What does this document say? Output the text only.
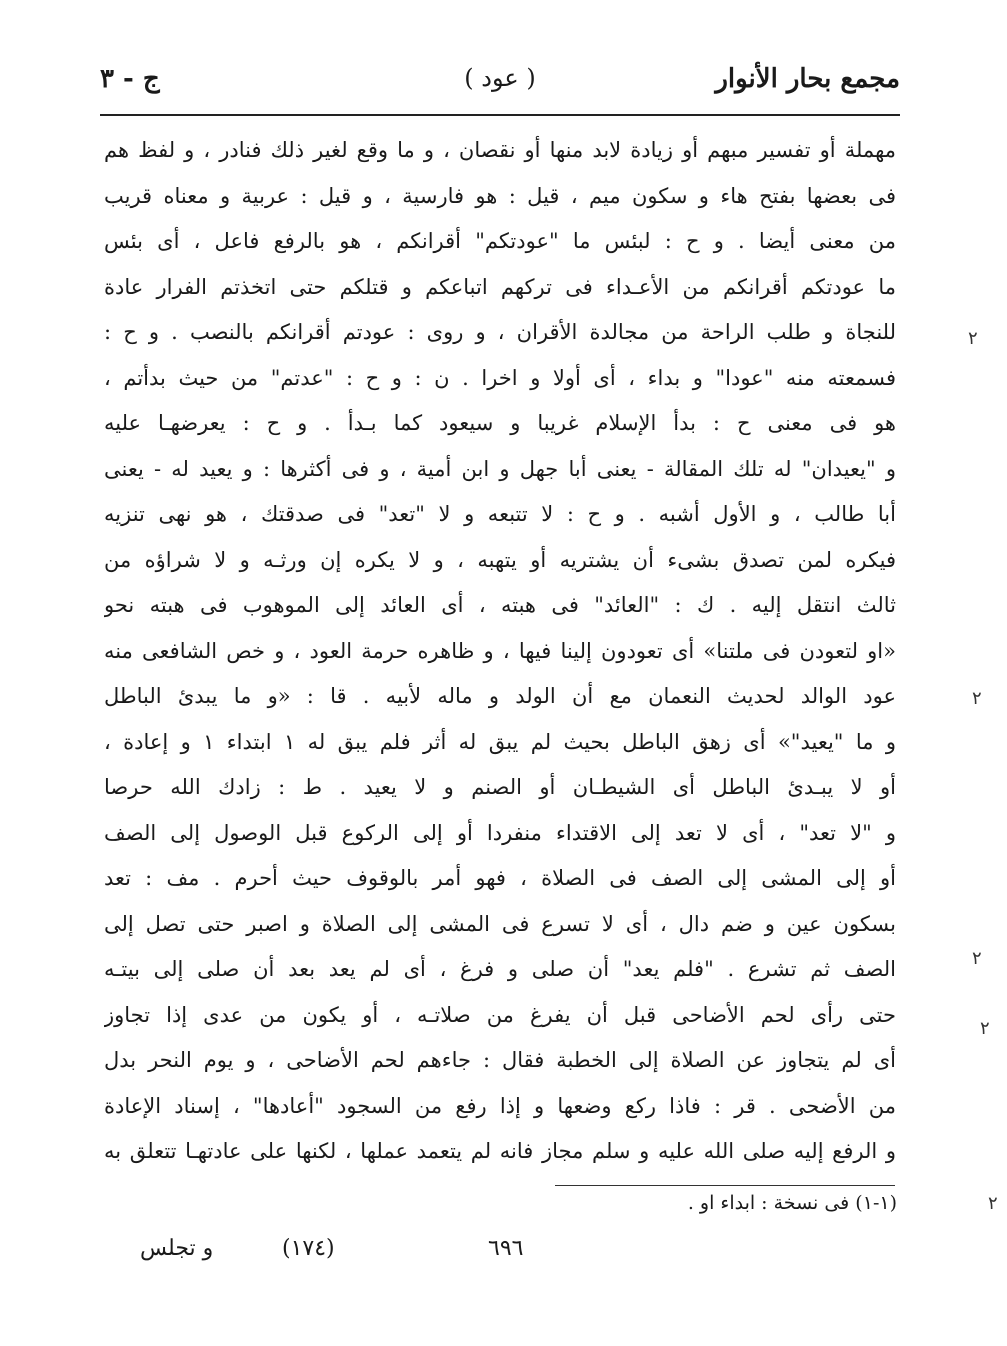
مجمع بحار الأنوار
( عود )
ج - ٣
مهملة أو تفسير مبهم أو زيادة لابد منها أو نقصان ، و ما وقع لغير ذلك فنادر ، و لفظ هم
فى بعضها بفتح هاء و سكون ميم ، قيل : هو فارسية ، و قيل : عربية و معناه قريب
من معنى أيضا . و ح : لبئس ما "عودتكم" أقرانكم ، هو بالرفع فاعل ، أى بئس
ما عودتكم أقرانكم من الأعـداء فى تركهم اتباعكم و قتلكم حتى اتخذتم الفرار عادة
للنجاة و طلب الراحة من مجالدة الأقران ، و روى : عودتم أقرانكم بالنصب . و ح :
فسمعته منه "عودا" و بداء ، أى أولا و اخرا . ن : و ح : "عدتم" من حيث بدأتم ،
هو فى معنى ح : بدأ الإسلام غريبا و سيعود كما بـدأ . و ح : يعرضهـا عليه
و "يعيدان" له تلك المقالة - يعنى أبا جهل و ابن أمية ، و فى أكثرها : و يعيد له - يعنى
أبا طالب ، و الأول أشبه . و ح : لا تتبعه و لا "تعد" فى صدقتك ، هو نهى تنزيه
فيكره لمن تصدق بشىء أن يشتريه أو يتهبه ، و لا يكره إن ورثـه و لا شراؤه من
ثالث انتقل إليه . ك : "العائد" فى هبته ، أى العائد إلى الموهوب فى هبته نحو
«او لتعودن فى ملتنا» أى تعودون إلينا فيها ، و ظاهره حرمة العود ، و خص الشافعى منه
عود الوالد لحديث النعمان مع أن الولد و ماله لأبيه . قا : «و ما يبدئ الباطل
و ما "يعيد"» أى زهق الباطل بحيث لم يبق له أثر فلم يبق له ١ ابتداء ١ و إعادة ،
أو لا يبـدئ الباطل أى الشيطـان أو الصنم و لا يعيد . ط : زادك الله حرصا
و "لا تعد" ، أى لا تعد إلى الاقتداء منفردا أو إلى الركوع قبل الوصول إلى الصف
أو إلى المشى إلى الصف فى الصلاة ، فهو أمر بالوقوف حيث أحرم . مف : تعد
بسكون عين و ضم دال ، أى لا تسرع فى المشى إلى الصلاة و اصبر حتى تصل إلى
الصف ثم تشرع . "فلم يعد" أن صلى و فرغ ، أى لم يعد بعد أن صلى إلى بيتـه
حتى رأى لحم الأضاحى قبل أن يفرغ من صلاتـه ، أو يكون من عدى إذا تجاوز
أى لم يتجاوز عن الصلاة إلى الخطبة فقال : جاءهم لحم الأضاحى ، و يوم النحر بدل
من الأضحى . قر : فاذا ركع وضعها و إذا رفع من السجود "أعادها" ، إسناد الإعادة
و الرفع إليه صلى الله عليه و سلم مجاز فانه لم يتعمد عملها ، لكنها على عادتهـا تتعلق به
(١-١) فى نسخة : ابداء او .
٦٩٦
(١٧٤)
و تجلس
٢
٢
٢
٢
٢
